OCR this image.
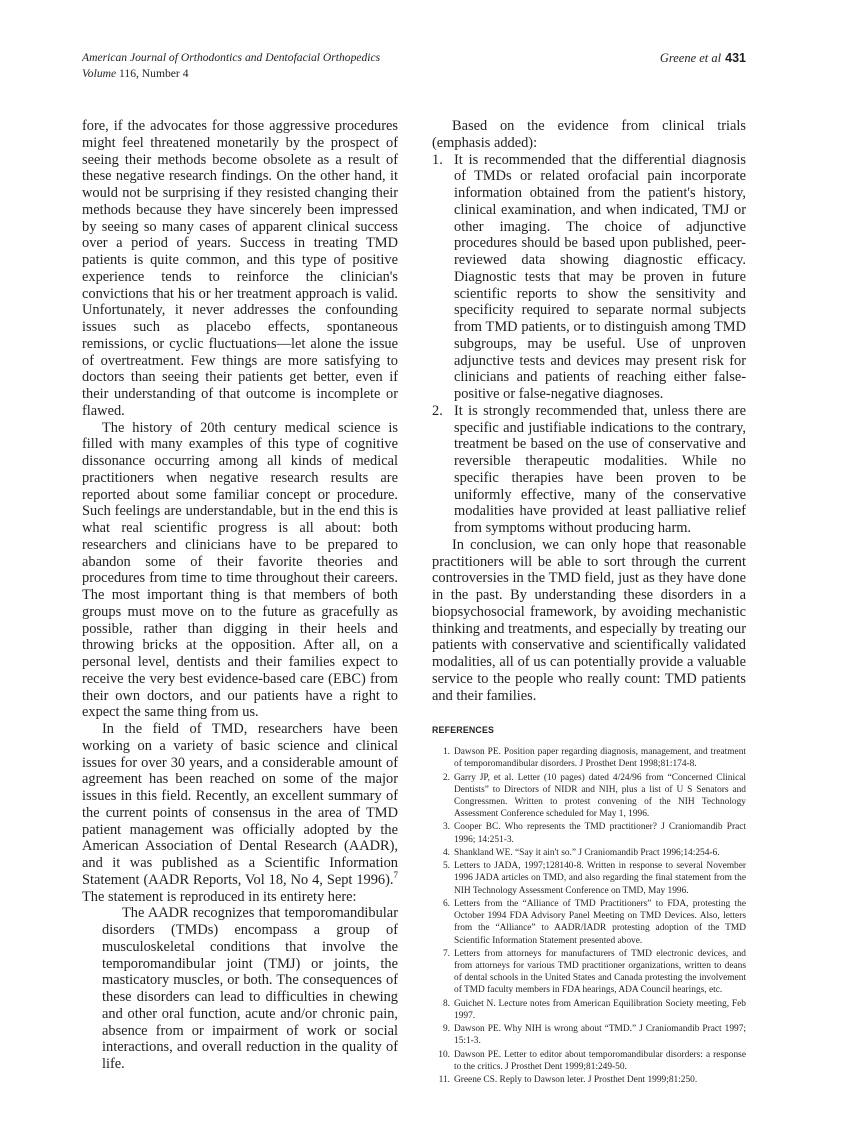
American Journal of Orthodontics and Dentofacial Orthopedics
Volume 116, Number 4
Greene et al 431

fore, if the advocates for those aggressive procedures might feel threatened monetarily by the prospect of seeing their methods become obsolete as a result of these negative research findings. On the other hand, it would not be surprising if they resisted changing their methods because they have sincerely been impressed by seeing so many cases of apparent clinical success over a period of years. Success in treating TMD patients is quite common, and this type of positive experience tends to reinforce the clinician's convictions that his or her treatment approach is valid. Unfortunately, it never addresses the confounding issues such as placebo effects, spontaneous remissions, or cyclic fluctuations—let alone the issue of overtreatment. Few things are more satisfying to doctors than seeing their patients get better, even if their understanding of that outcome is incomplete or flawed.

The history of 20th century medical science is filled with many examples of this type of cognitive dissonance occurring among all kinds of medical practitioners when negative research results are reported about some familiar concept or procedure. Such feelings are understandable, but in the end this is what real scientific progress is all about: both researchers and clinicians have to be prepared to abandon some of their favorite theories and procedures from time to time throughout their careers. The most important thing is that members of both groups must move on to the future as gracefully as possible, rather than digging in their heels and throwing bricks at the opposition. After all, on a personal level, dentists and their families expect to receive the very best evidence-based care (EBC) from their own doctors, and our patients have a right to expect the same thing from us.

In the field of TMD, researchers have been working on a variety of basic science and clinical issues for over 30 years, and a considerable amount of agreement has been reached on some of the major issues in this field. Recently, an excellent summary of the current points of consensus in the area of TMD patient management was officially adopted by the American Association of Dental Research (AADR), and it was published as a Scientific Information Statement (AADR Reports, Vol 18, No 4, Sept 1996).$^7$ The statement is reproduced in its entirety here:

The AADR recognizes that temporomandibular disorders (TMDs) encompass a group of musculoskeletal conditions that involve the temporomandibular joint (TMJ) or joints, the masticatory muscles, or both. The consequences of these disorders can lead to difficulties in chewing and other oral function, acute and/or chronic pain, absence from or impairment of work or social interactions, and overall reduction in the quality of life.

Based on the evidence from clinical trials (emphasis added):

1. It is recommended that the differential diagnosis of TMDs or related orofacial pain incorporate information obtained from the patient's history, clinical examination, and when indicated, TMJ or other imaging. The choice of adjunctive procedures should be based upon published, peer-reviewed data showing diagnostic efficacy. Diagnostic tests that may be proven in future scientific reports to show the sensitivity and specificity required to separate normal subjects from TMD patients, or to distinguish among TMD subgroups, may be useful. Use of unproven adjunctive tests and devices may present risk for clinicians and patients of reaching either false-positive or false-negative diagnoses.
2. It is strongly recommended that, unless there are specific and justifiable indications to the contrary, treatment be based on the use of conservative and reversible therapeutic modalities. While no specific therapies have been proven to be uniformly effective, many of the conservative modalities have provided at least palliative relief from symptoms without producing harm.

In conclusion, we can only hope that reasonable practitioners will be able to sort through the current controversies in the TMD field, just as they have done in the past. By understanding these disorders in a biopsychosocial framework, by avoiding mechanistic thinking and treatments, and especially by treating our patients with conservative and scientifically validated modalities, all of us can potentially provide a valuable service to the people who really count: TMD patients and their families.

REFERENCES

1. Dawson PE. Position paper regarding diagnosis, management, and treatment of temporomandibular disorders. J Prosthet Dent 1998;81:174-8.
2. Garry JP, et al. Letter (10 pages) dated 4/24/96 from “Concerned Clinical Dentists” to Directors of NIDR and NIH, plus a list of U S Senators and Congressmen. Written to protest convening of the NIH Technology Assessment Conference scheduled for May 1, 1996.
3. Cooper BC. Who represents the TMD practitioner? J Craniomandib Pract 1996; 14:251-3.
4. Shankland WE. “Say it ain't so.” J Craniomandib Pract 1996;14:254-6.
5. Letters to JADA, 1997;128140-8. Written in response to several November 1996 JADA articles on TMD, and also regarding the final statement from the NIH Technology Assessment Conference on TMD, May 1996.
6. Letters from the “Alliance of TMD Practitioners” to FDA, protesting the October 1994 FDA Advisory Panel Meeting on TMD Devices. Also, letters from the “Alliance” to AADR/IADR protesting adoption of the TMD Scientific Information Statement presented above.
7. Letters from attorneys for manufacturers of TMD electronic devices, and from attorneys for various TMD practitioner organizations, written to deans of dental schools in the United States and Canada protesting the involvement of TMD faculty members in FDA hearings, ADA Council hearings, etc.
8. Guichet N. Lecture notes from American Equilibration Society meeting, Feb 1997.
9. Dawson PE. Why NIH is wrong about “TMD.” J Craniomandib Pract 1997; 15:1-3.
10. Dawson PE. Letter to editor about temporomandibular disorders: a response to the critics. J Prosthet Dent 1999;81:249-50.
11. Greene CS. Reply to Dawson leter. J Prosthet Dent 1999;81:250.
